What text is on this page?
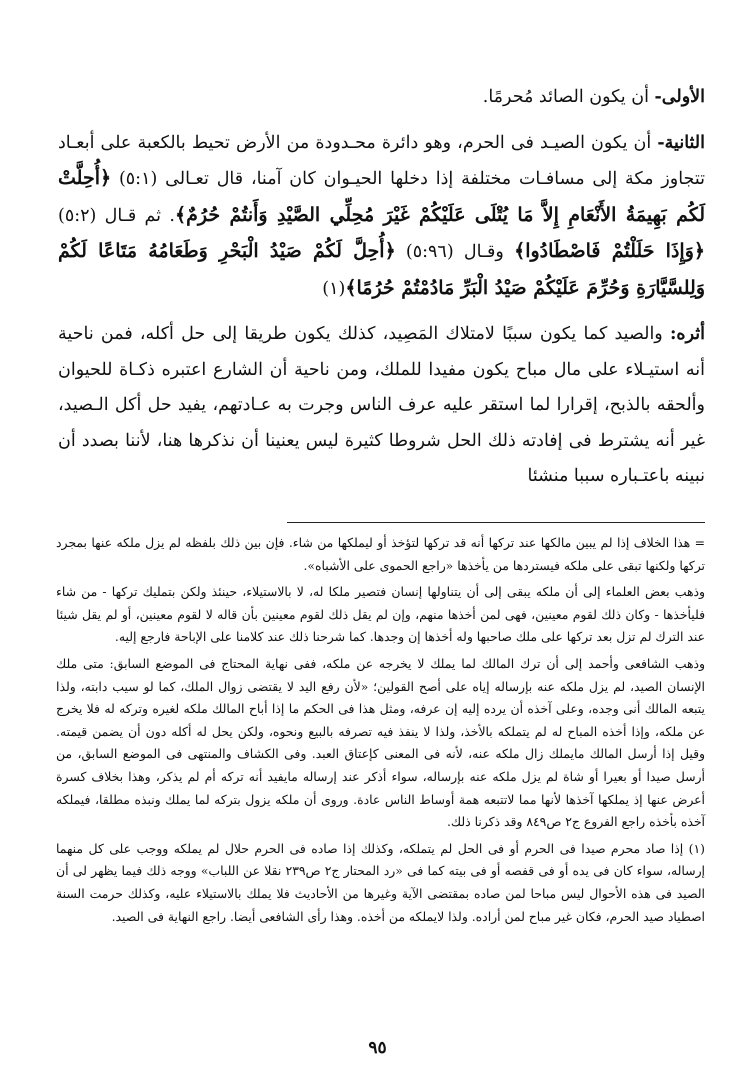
الأولى- أن يكون الصائد مُحرمًا.

الثانية- أن يكون الصيـد فى الحرم، وهو دائرة محـدودة من الأرض تحيط بالكعبة على أبعـاد تتجاوز مكة إلى مسافـات مختلفة إذا دخلها الحيـوان كان آمنا، قال تعـالى (٥:١) ﴿أُحِلَّتْ لَكُم بَهِيمَةُ الأَنْعَامِ إِلاَّ مَا يُتْلَى عَلَيْكُمْ غَيْرَ مُحِلِّي الصَّيْدِ وَأَنتُمْ حُرُمٌ﴾. ثم قـال (٥:٢) ﴿وَإِذَا حَلَلْتُمْ فَاصْطَادُوا﴾ وقـال (٥:٩٦) ﴿أُحِلَّ لَكُمْ صَيْدُ الْبَحْرِ وَطَعَامُهُ مَتَاعًا لَكُمْ وَلِلسَّيَّارَةِ وَحُرِّمَ عَلَيْكُمْ صَيْدُ الْبَرِّ مَادُمْتُمْ حُرُمًا﴾(١)

أثره: والصيد كما يكون سببًا لامتلاك المَصِيد، كذلك يكون طريقا إلى حل أكله، فمن ناحية أنه استيـلاء على مال مباح يكون مفيدا للملك، ومن ناحية أن الشارع اعتبره ذكـاة للحيوان وألحقه بالذبح، إقرارا لما استقر عليه عرف الناس وجرت به عـادتهم، يفيد حل أكل الـصيد، غير أنه يشترط فى إفادته ذلك الحل شروطا كثيرة ليس يعنينا أن نذكرها هنا، لأننا بصدد أن نبينه باعتـباره سببا منشئا

= هذا الخلاف إذا لم يبين مالكها عند تركها أنه قد تركها لتؤخذ أو ليملكها من شاء. فإن بين ذلك بلفظه لم يزل ملكه عنها بمجرد تركها ولكنها تبقى على ملكه فيستردها من يأخذها «راجع الحموى على الأشباه».

وذهب بعض العلماء إلى أن ملكه يبقى إلى أن يتناولها إنسان فتصير ملكا له، لا بالاستيلاء، حينئذ ولكن بتمليك تركها - من شاء فليأخذها - وكان ذلك لقوم معينين، فهى لمن أخذها منهم، وإن لم يقل ذلك لقوم معينين بأن قاله لا لقوم معينين، أو لم يقل شيئا عند الترك لم تزل بعد تركها على ملك صاحبها وله أخذها إن وجدها. كما شرحنا ذلك عند كلامنا على الإباحة فارجع إليه.

وذهب الشافعى وأحمد إلى أن ترك المالك لما يملك لا يخرجه عن ملكه، ففى نهاية المحتاج فى الموضع السابق: متى ملك الإنسان الصيد، لم يزل ملكه عنه بإرساله إياه على أصح القولين؛ «لأن رفع اليد لا يقتضى زوال الملك، كما لو سيب دابته، ولذا يتبعه المالك أنى وجده، وعلى آخذه أن يرده إليه إن عرفه، ومثل هذا فى الحكم ما إذا أباح المالك ملكه لغيره وتركه له فلا يخرج عن ملكه، وإذا أخذه المباح له لم يتملكه بالأخذ، ولذا لا ينفذ فيه تصرفه بالبيع ونحوه، ولكن يحل له أكله دون أن يضمن قيمته. وقيل إذا أرسل المالك مايملك زال ملكه عنه، لأنه فى المعنى كإعتاق العبد. وفى الكشاف والمنتهى فى الموضع السابق، من أرسل صيدا أو بعيرا أو شاة لم يزل ملكه عنه بإرساله، سواء أذكر عند إرساله مايفيد أنه تركه أم لم يذكر، وهذا بخلاف كسرة أعرض عنها إذ يملكها آخذها لأنها مما لاتتبعه همة أوساط الناس عادة. وروى أن ملكه يزول بتركه لما يملك ونبذه مطلقا، فيملكه آخذه بأخذه راجع الفروع ج٢ ص٨٤٩ وقد ذكرنا ذلك.

(١) إذا صاد محرم صيدا فى الحرم أو فى الحل لم يتملكه، وكذلك إذا صاده فى الحرم حلال لم يملكه ووجب على كل منهما إرساله، سواء كان فى يده أو فى قفصه أو فى بيته كما فى «رد المحتار ج٢ ص٢٣٩ نقلا عن اللباب» ووجه ذلك فيما يظهر لى أن الصيد فى هذه الأحوال ليس مباحا لمن صاده بمقتضى الآية وغيرها من الأحاديث فلا يملك بالاستيلاء عليه، وكذلك حرمت السنة اصطياد صيد الحرم، فكان غير مباح لمن أراده. ولذا لايملكه من أخذه. وهذا رأى الشافعى أيضا. راجع النهاية فى الصيد.

٩٥
